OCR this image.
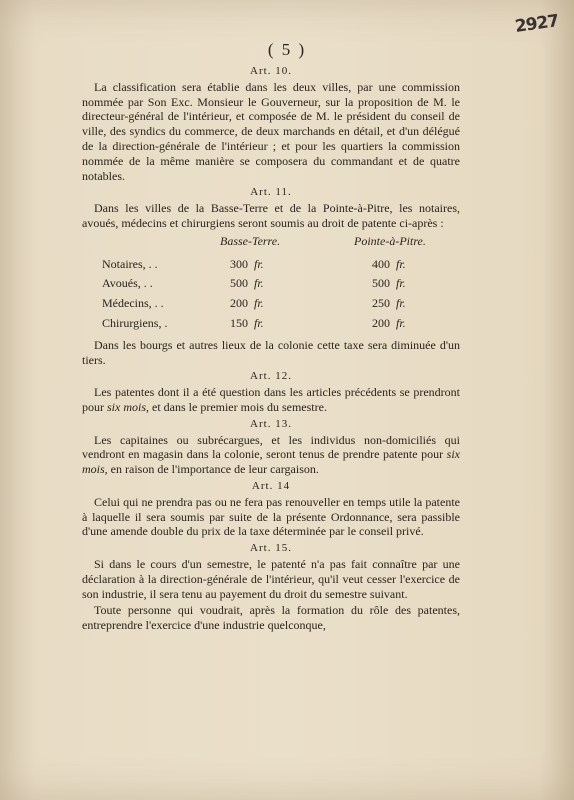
2927
( 5 )
Art. 10.

La classification sera établie dans les deux villes, par une commission nommée par Son Exc. Monsieur le Gouverneur, sur la proposition de M. le directeur-général de l'intérieur, et composée de M. le président du conseil de ville, des syndics du commerce, de deux marchands en détail, et d'un délégué de la direction-générale de l'intérieur ; et pour les quartiers la commission nommée de la même manière se composera du commandant et de quatre notables.

Art. 11.

Dans les villes de la Basse-Terre et de la Pointe-à-Pitre, les notaires, avoués, médecins et chirurgiens seront soumis au droit de patente ci-après :

	Basse-Terre.		Pointe-à-Pitre.	
Notaires, . .	300	fr.	400	fr.
Avoués, . .	500	fr.	500	fr.
Médecins, . .	200	fr.	250	fr.
Chirurgiens, .	150	fr.	200	fr.

Dans les bourgs et autres lieux de la colonie cette taxe sera diminuée d'un tiers.

Art. 12.

Les patentes dont il a été question dans les articles précédents se prendront pour six mois, et dans le premier mois du semestre.

Art. 13.

Les capitaines ou subrécargues, et les individus non-domiciliés qui vendront en magasin dans la colonie, seront tenus de prendre patente pour six mois, en raison de l'importance de leur cargaison.

Art. 14

Celui qui ne prendra pas ou ne fera pas renouveller en temps utile la patente à laquelle il sera soumis par suite de la présente Ordonnance, sera passible d'une amende double du prix de la taxe déterminée par le conseil privé.

Art. 15.

Si dans le cours d'un semestre, le patenté n'a pas fait connaître par une déclaration à la direction-générale de l'intérieur, qu'il veut cesser l'exercice de son industrie, il sera tenu au payement du droit du semestre suivant.

Toute personne qui voudrait, après la formation du rôle des patentes, entreprendre l'exercice d'une industrie quelconque,
